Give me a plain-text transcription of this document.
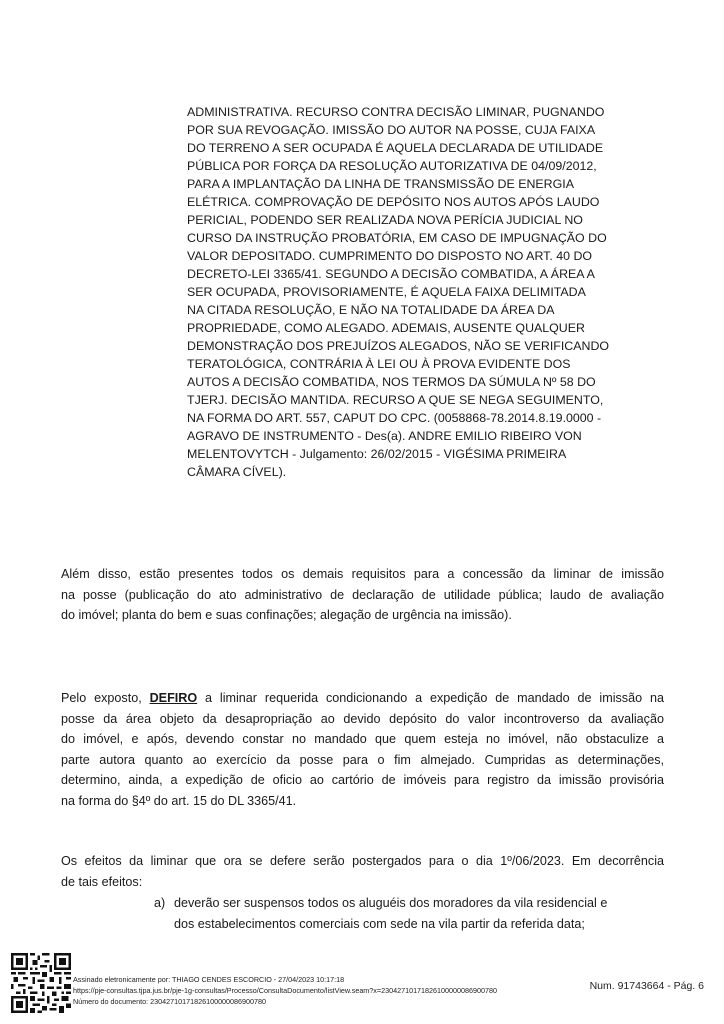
ADMINISTRATIVA. RECURSO CONTRA DECISÃO LIMINAR, PUGNANDO
POR SUA REVOGAÇÃO. IMISSÃO DO AUTOR NA POSSE, CUJA FAIXA
DO TERRENO A SER OCUPADA É AQUELA DECLARADA DE UTILIDADE
PÚBLICA POR FORÇA DA RESOLUÇÃO AUTORIZATIVA DE 04/09/2012,
PARA A IMPLANTAÇÃO DA LINHA DE TRANSMISSÃO DE ENERGIA
ELÉTRICA. COMPROVAÇÃO DE DEPÓSITO NOS AUTOS APÓS LAUDO
PERICIAL, PODENDO SER REALIZADA NOVA PERÍCIA JUDICIAL NO
CURSO DA INSTRUÇÃO PROBATÓRIA, EM CASO DE IMPUGNAÇÃO DO
VALOR DEPOSITADO. CUMPRIMENTO DO DISPOSTO NO ART. 40 DO
DECRETO-LEI 3365/41. SEGUNDO A DECISÃO COMBATIDA, A ÁREA A
SER OCUPADA, PROVISORIAMENTE, É AQUELA FAIXA DELIMITADA
NA CITADA RESOLUÇÃO, E NÃO NA TOTALIDADE DA ÁREA DA
PROPRIEDADE, COMO ALEGADO. ADEMAIS, AUSENTE QUALQUER
DEMONSTRAÇÃO DOS PREJUÍZOS ALEGADOS, NÃO SE VERIFICANDO
TERATOLÓGICA, CONTRÁRIA À LEI OU À PROVA EVIDENTE DOS
AUTOS A DECISÃO COMBATIDA, NOS TERMOS DA SÚMULA Nº 58 DO
TJERJ. DECISÃO MANTIDA. RECURSO A QUE SE NEGA SEGUIMENTO,
NA FORMA DO ART. 557, CAPUT DO CPC. (0058868-78.2014.8.19.0000 -
AGRAVO DE INSTRUMENTO - Des(a). ANDRE EMILIO RIBEIRO VON
MELENTOVYTCH - Julgamento: 26/02/2015 - VIGÉSIMA PRIMEIRA
CÂMARA CÍVEL).
Além disso, estão presentes todos os demais requisitos para a concessão da liminar de imissão
na posse (publicação do ato administrativo de declaração de utilidade pública; laudo de avaliação
do imóvel; planta do bem e suas confinações; alegação de urgência na imissão).
Pelo exposto, DEFIRO a liminar requerida condicionando a expedição de mandado de imissão na
posse da área objeto da desapropriação ao devido depósito do valor incontroverso da avaliação
do imóvel, e após, devendo constar no mandado que quem esteja no imóvel, não obstaculize a
parte autora quanto ao exercício da posse para o fim almejado. Cumpridas as determinações,
determino, ainda, a expedição de oficio ao cartório de imóveis para registro da imissão provisória
na forma do §4º do art. 15 do DL 3365/41.
Os efeitos da liminar que ora se defere serão postergados para o dia 1º/06/2023. Em decorrência
de tais efeitos:
a) deverão ser suspensos todos os aluguéis dos moradores da vila residencial e
dos estabelecimentos comerciais com sede na vila partir da referida data;
Assinado eletronicamente por: THIAGO CENDES ESCORCIO - 27/04/2023 10:17:18
https://pje-consultas.tjpa.jus.br/pje-1g-consultas/Processo/ConsultaDocumento/listView.seam?x=23042710171826100000086900780
Número do documento: 23042710171826100000086900780
Num. 91743664 - Pág. 6
